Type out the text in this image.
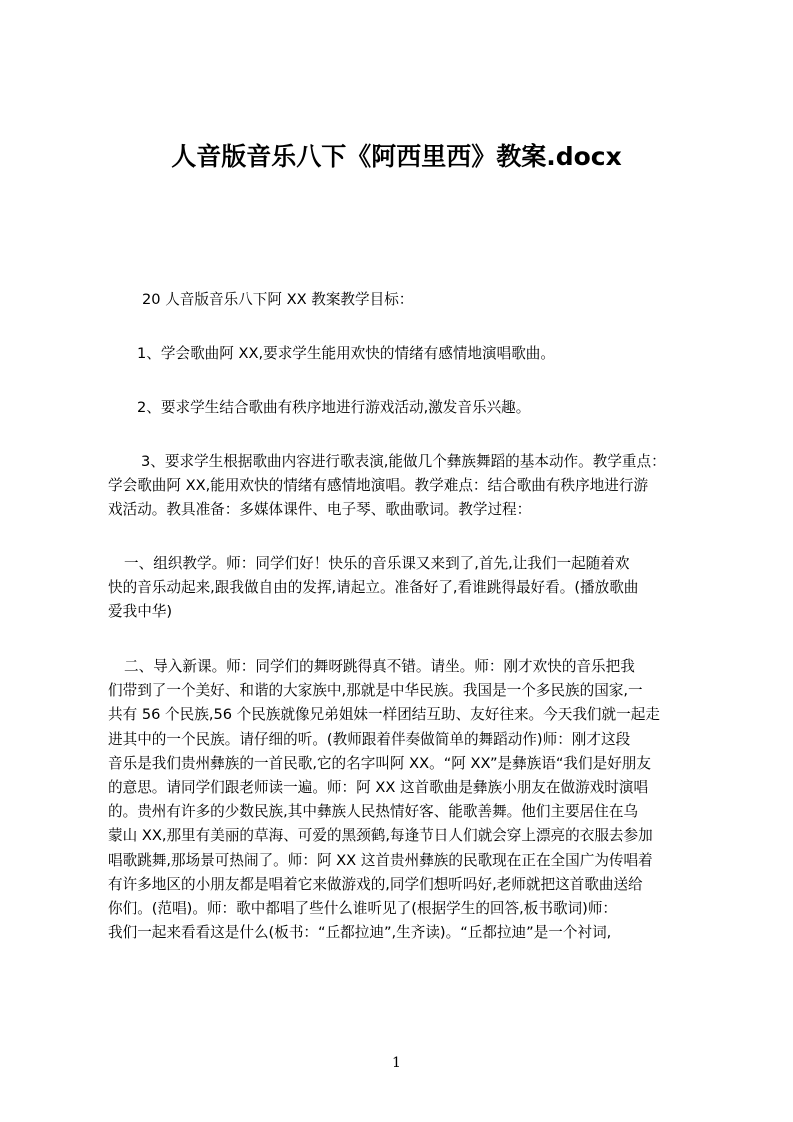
人音版音乐八下《阿西里西》教案.docx
20 人音版音乐八下阿 XX 教案教学目标：
1、学会歌曲阿 XX,要求学生能用欢快的情绪有感情地演唱歌曲。
2、要求学生结合歌曲有秩序地进行游戏活动,激发音乐兴趣。
3、要求学生根据歌曲内容进行歌表演,能做几个彝族舞蹈的基本动作。教学重点：
学会歌曲阿 XX,能用欢快的情绪有感情地演唱。教学难点：结合歌曲有秩序地进行游
戏活动。教具准备：多媒体课件、电子琴、歌曲歌词。教学过程：
一、组织教学。师：同学们好！快乐的音乐课又来到了,首先,让我们一起随着欢
快的音乐动起来,跟我做自由的发挥,请起立。准备好了,看谁跳得最好看。(播放歌曲
爱我中华)
二、导入新课。师：同学们的舞呀跳得真不错。请坐。师：刚才欢快的音乐把我
们带到了一个美好、和谐的大家族中,那就是中华民族。我国是一个多民族的国家,一
共有 56 个民族,56 个民族就像兄弟姐妹一样团结互助、友好往来。今天我们就一起走
进其中的一个民族。请仔细的听。(教师跟着伴奏做简单的舞蹈动作)师：刚才这段
音乐是我们贵州彝族的一首民歌,它的名字叫阿 XX。“阿 XX”是彝族语“我们是好朋友
的意思。请同学们跟老师读一遍。师：阿 XX 这首歌曲是彝族小朋友在做游戏时演唱
的。贵州有许多的少数民族,其中彝族人民热情好客、能歌善舞。他们主要居住在乌
蒙山 XX,那里有美丽的草海、可爱的黑颈鹤,每逢节日人们就会穿上漂亮的衣服去参加
唱歌跳舞,那场景可热闹了。师：阿 XX 这首贵州彝族的民歌现在正在全国广为传唱着
有许多地区的小朋友都是唱着它来做游戏的,同学们想听吗好,老师就把这首歌曲送给
你们。(范唱)。师：歌中都唱了些什么谁听见了(根据学生的回答,板书歌词)师：
我们一起来看看这是什么(板书：“丘都拉迪”,生齐读)。“丘都拉迪”是一个衬词,
1
